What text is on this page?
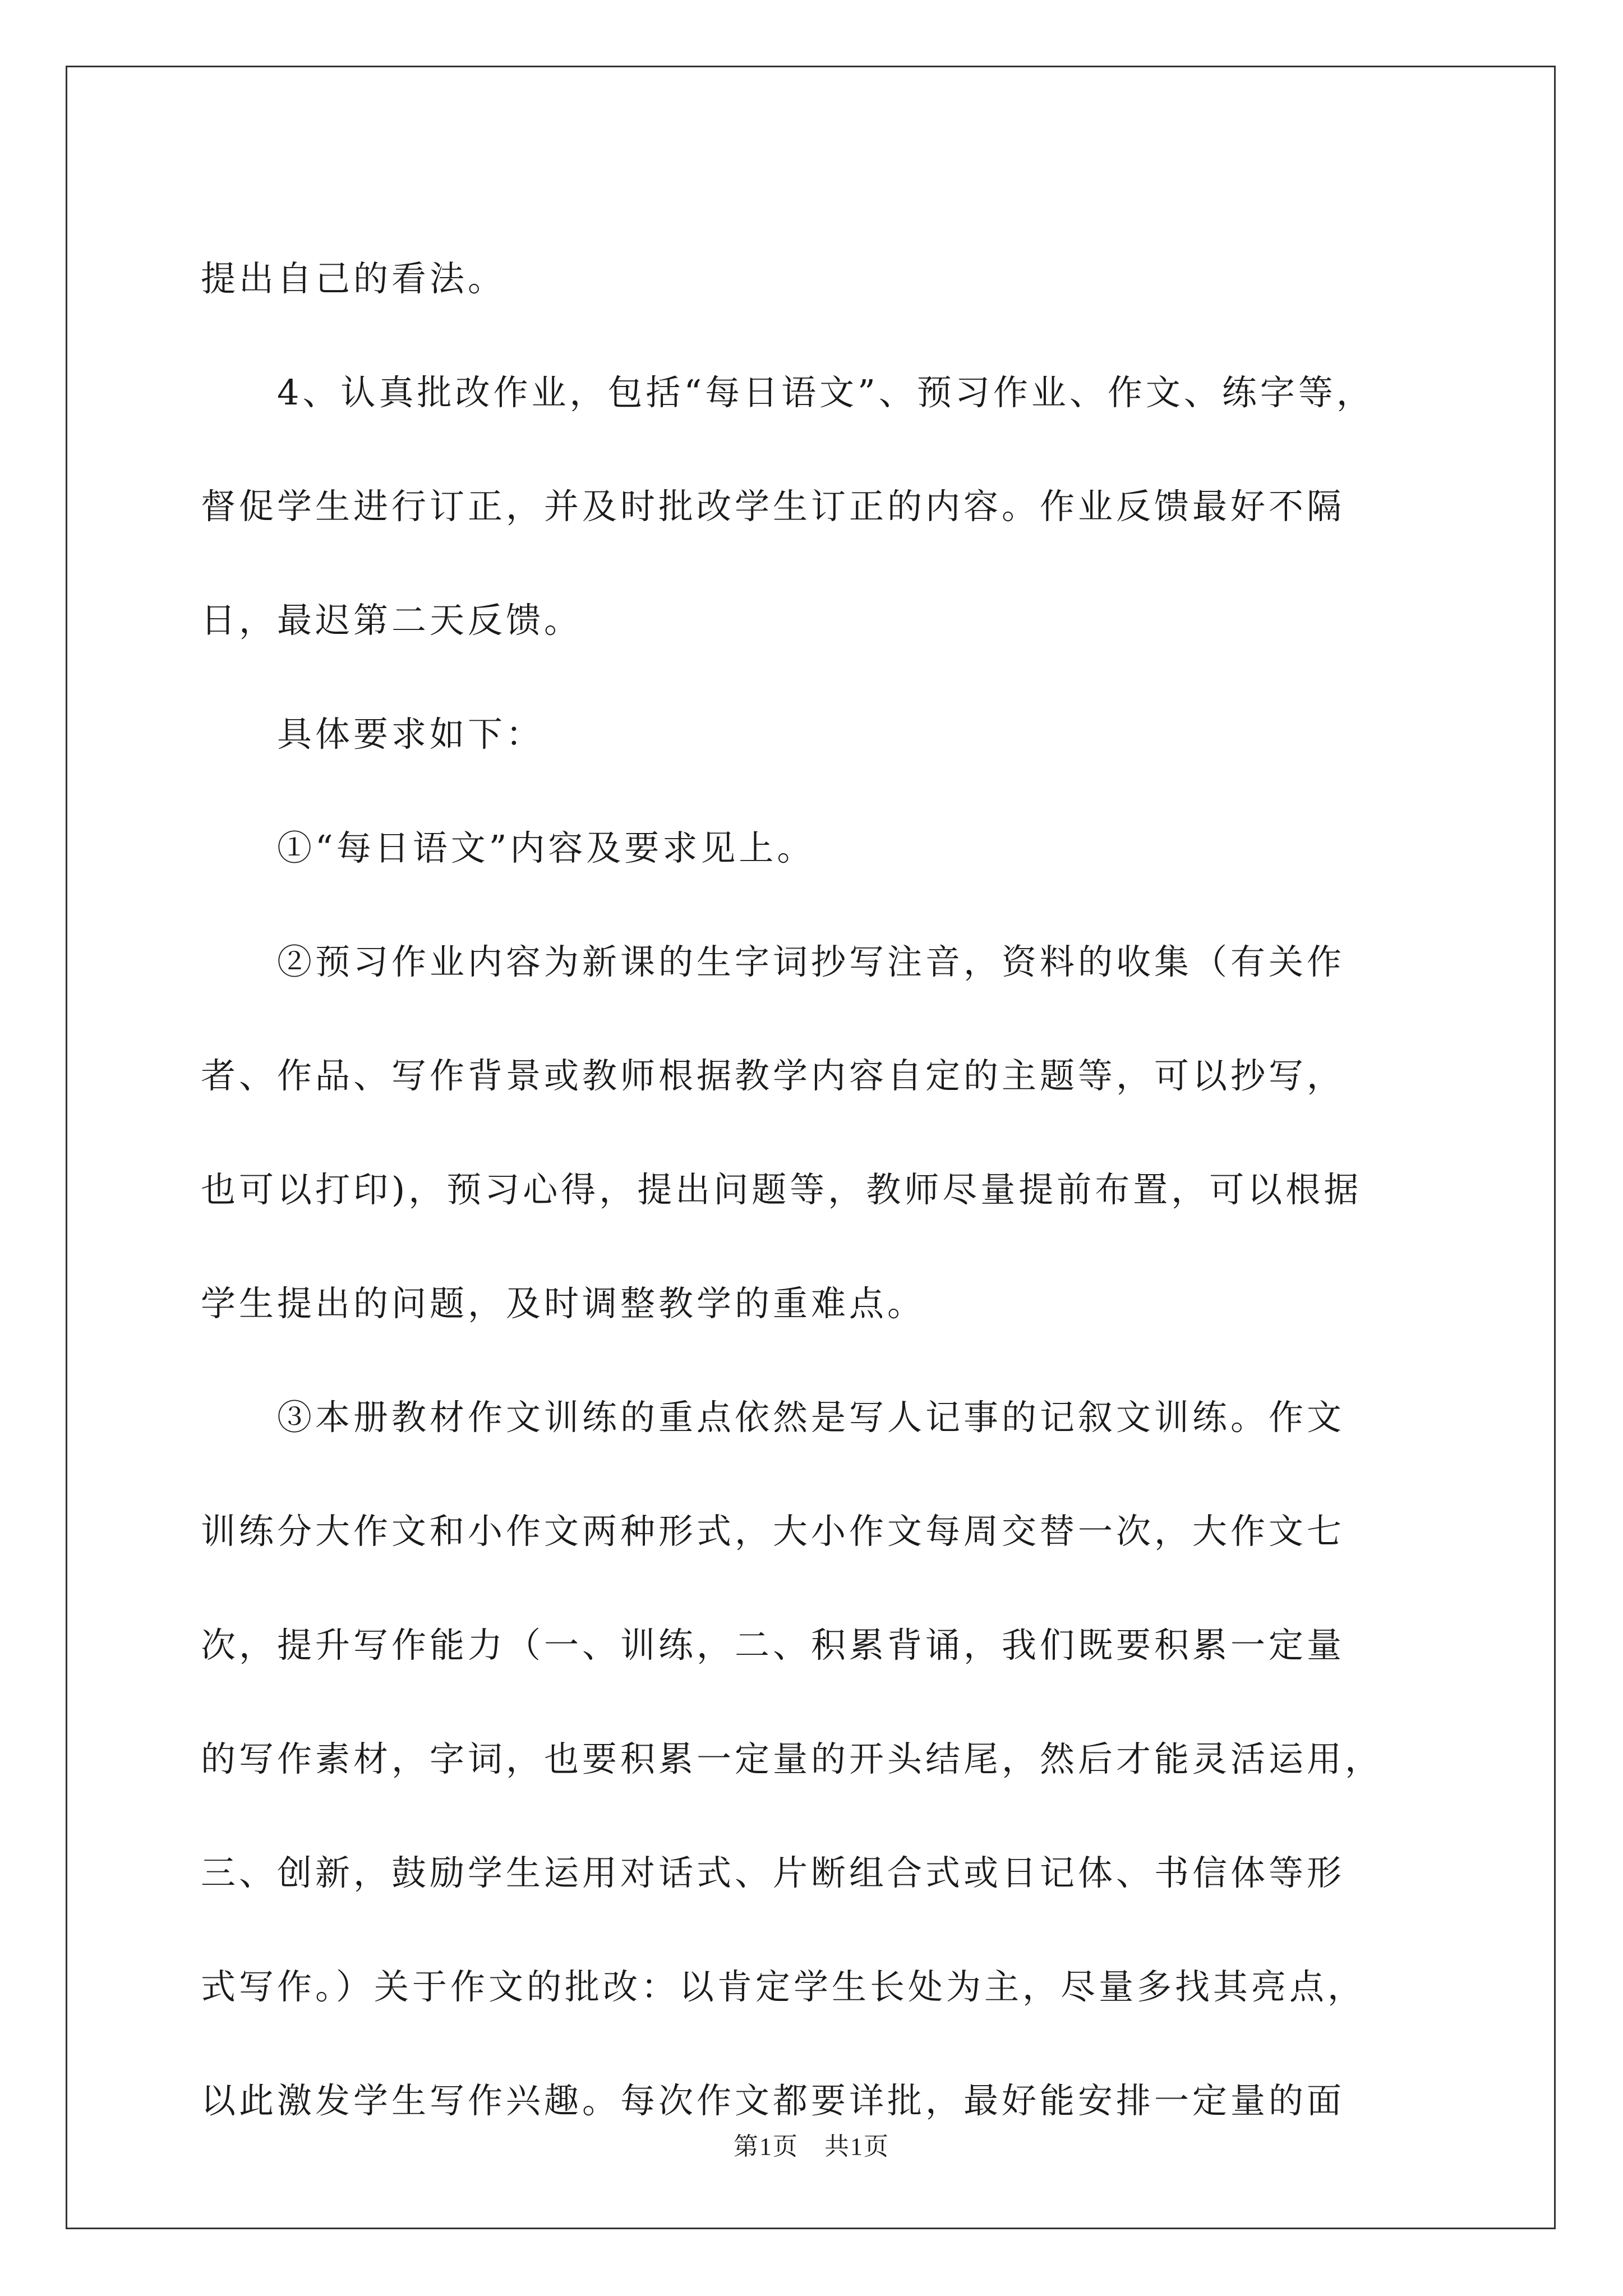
提出自己的看法。
　　4、认真批改作业，包括“每日语文”、预习作业、作文、练字等，
督促学生进行订正，并及时批改学生订正的内容。作业反馈最好不隔
日，最迟第二天反馈。
　　具体要求如下：
　　①“每日语文”内容及要求见上。
　　②预习作业内容为新课的生字词抄写注音，资料的收集（有关作
者、作品、写作背景或教师根据教学内容自定的主题等，可以抄写，
也可以打印)，预习心得，提出问题等，教师尽量提前布置，可以根据
学生提出的问题，及时调整教学的重难点。
　　③本册教材作文训练的重点依然是写人记事的记叙文训练。作文
训练分大作文和小作文两种形式，大小作文每周交替一次，大作文七
次，提升写作能力（一、训练，二、积累背诵，我们既要积累一定量
的写作素材，字词，也要积累一定量的开头结尾，然后才能灵活运用，
三、创新，鼓励学生运用对话式、片断组合式或日记体、书信体等形
式写作。）关于作文的批改：以肯定学生长处为主，尽量多找其亮点，
以此激发学生写作兴趣。每次作文都要详批，最好能安排一定量的面
第1页　共1页
